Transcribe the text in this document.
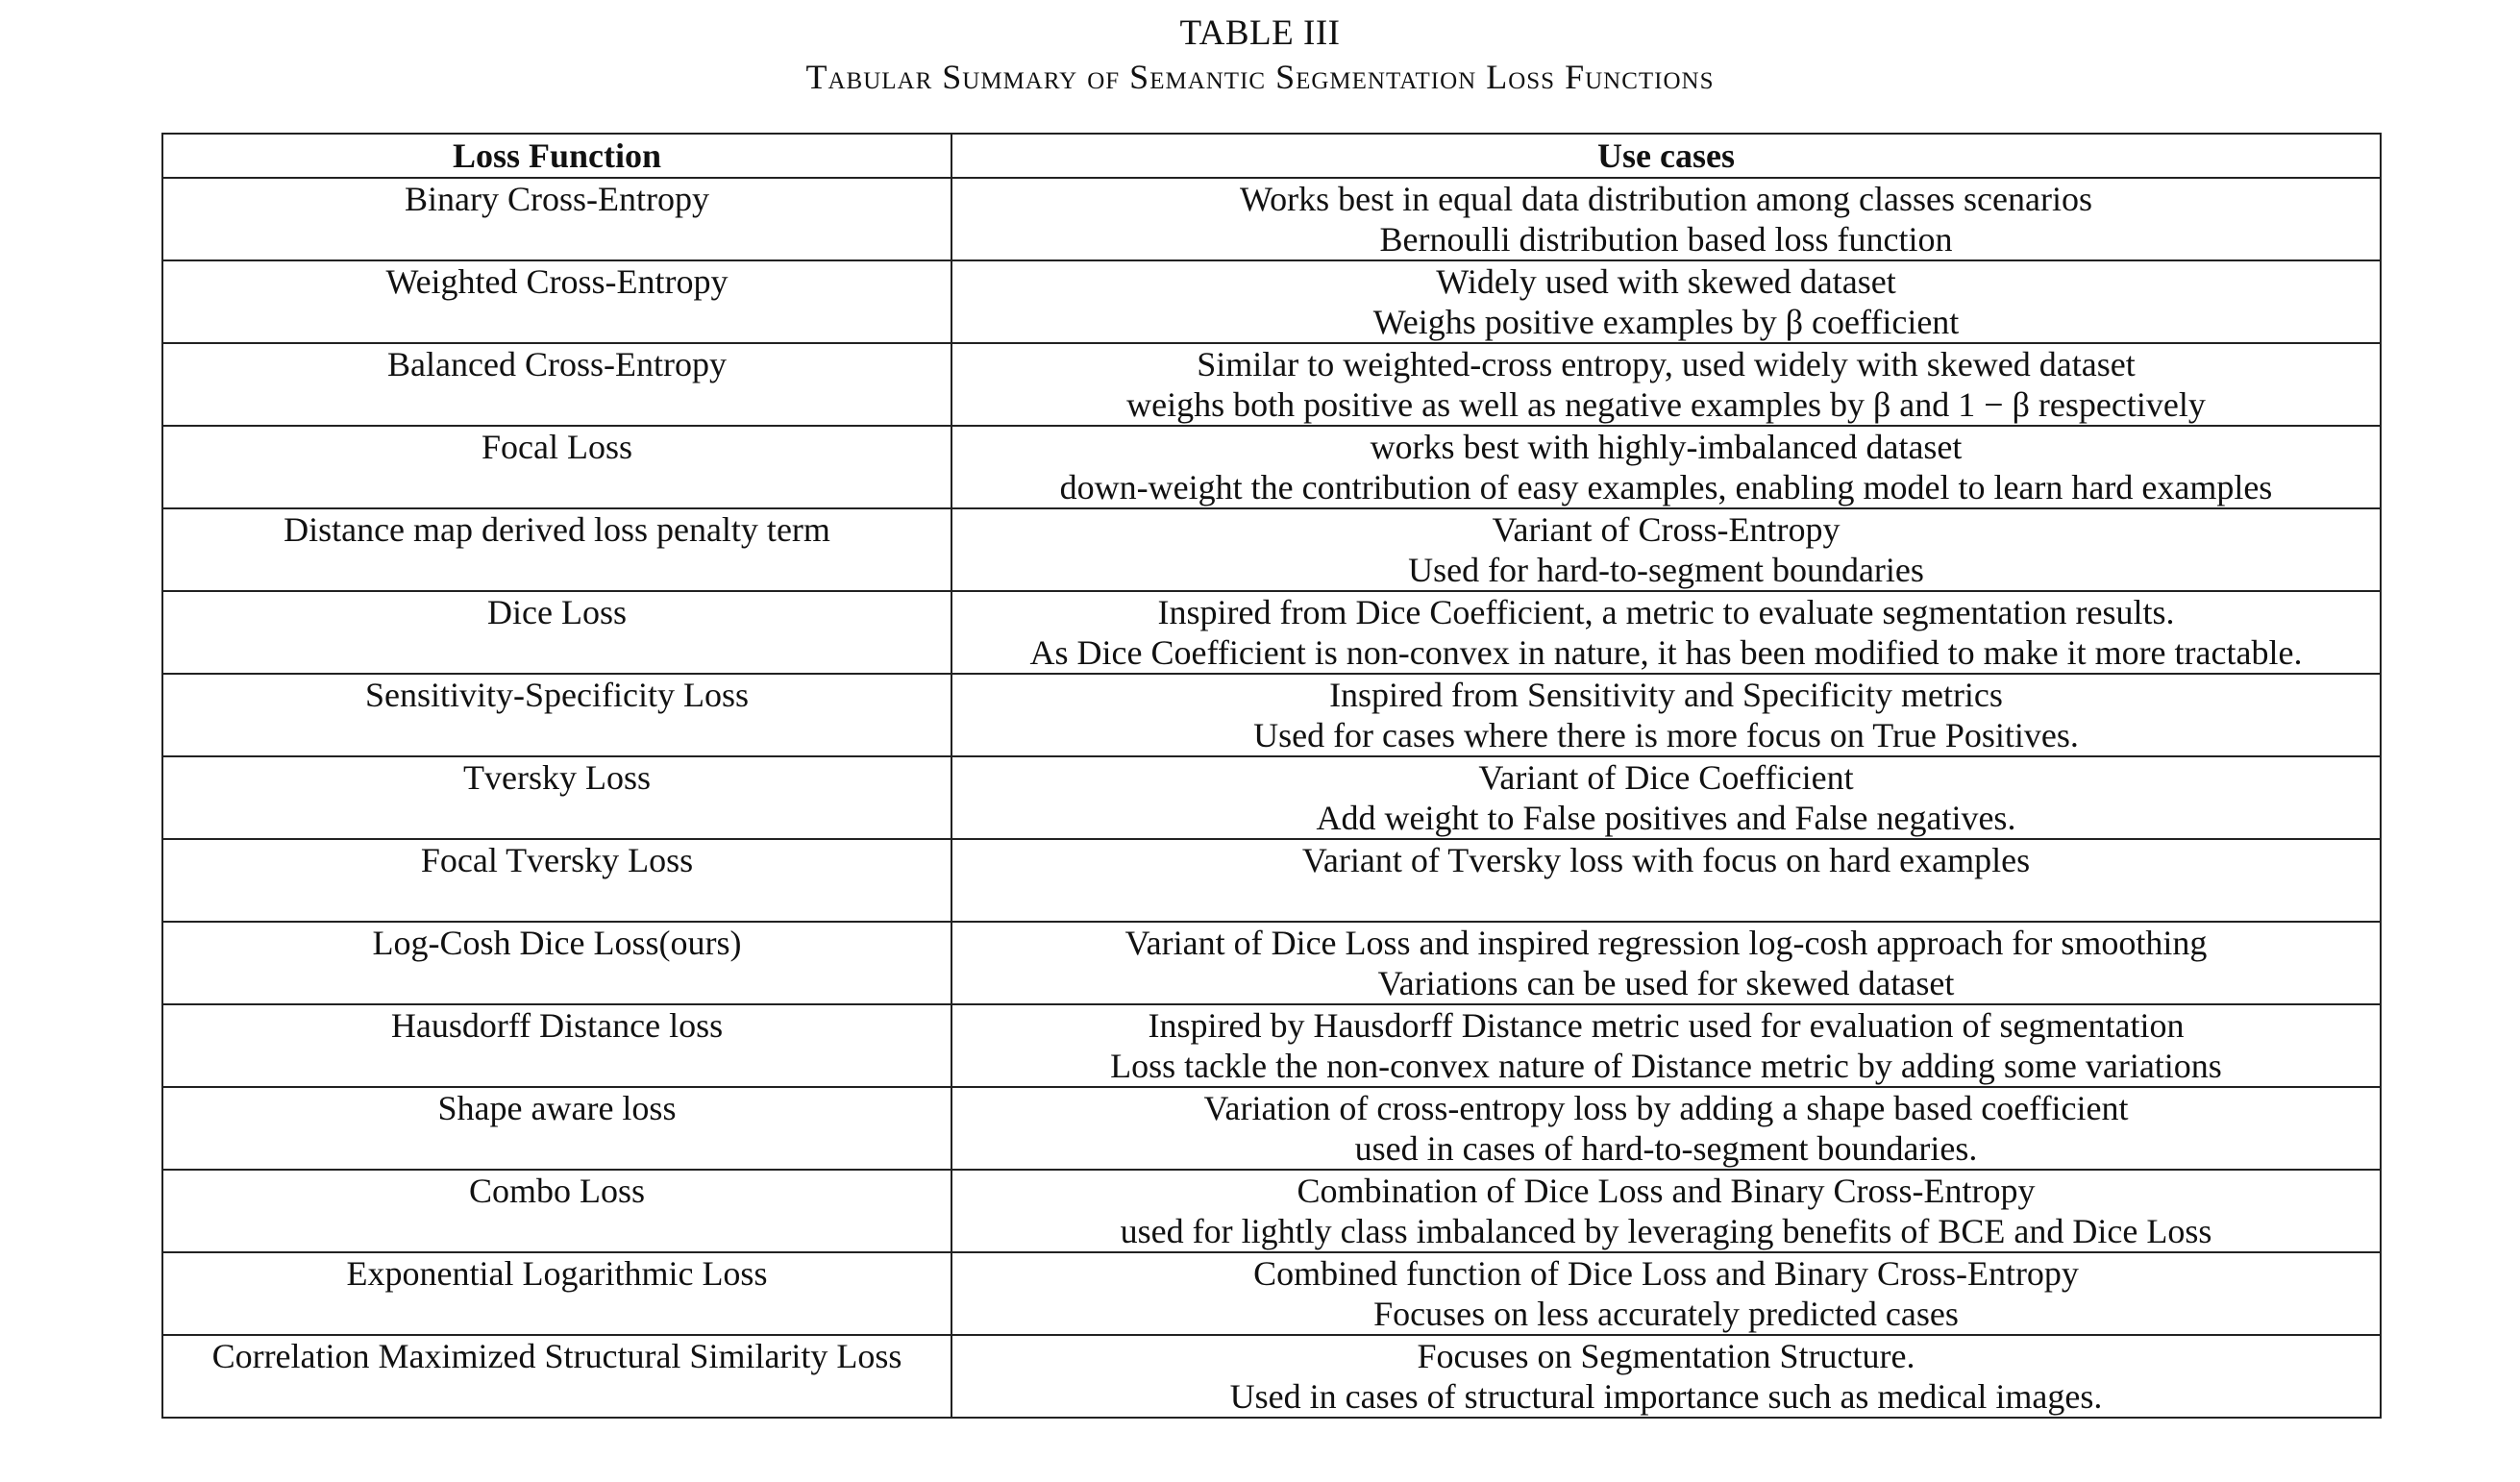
TABLE III
Tabular Summary of Semantic Segmentation Loss Functions
Loss Function	Use cases
Binary Cross-Entropy	Works best in equal data distribution among classes scenarios
Bernoulli distribution based loss function

Weighted Cross-Entropy	Widely used with skewed dataset
Weighs positive examples by β coefficient

Balanced Cross-Entropy	Similar to weighted-cross entropy, used widely with skewed dataset
weighs both positive as well as negative examples by β and 1 − β respectively

Focal Loss	works best with highly-imbalanced dataset
down-weight the contribution of easy examples, enabling model to learn hard examples

Distance map derived loss penalty term	Variant of Cross-Entropy
Used for hard-to-segment boundaries

Dice Loss	Inspired from Dice Coefficient, a metric to evaluate segmentation results.
As Dice Coefficient is non-convex in nature, it has been modified to make it more tractable.

Sensitivity-Specificity Loss	Inspired from Sensitivity and Specificity metrics
Used for cases where there is more focus on True Positives.

Tversky Loss	Variant of Dice Coefficient
Add weight to False positives and False negatives.

Focal Tversky Loss	Variant of Tversky loss with focus on hard examples

Log-Cosh Dice Loss(ours)	Variant of Dice Loss and inspired regression log-cosh approach for smoothing
Variations can be used for skewed dataset

Hausdorff Distance loss	Inspired by Hausdorff Distance metric used for evaluation of segmentation
Loss tackle the non-convex nature of Distance metric by adding some variations

Shape aware loss	Variation of cross-entropy loss by adding a shape based coefficient
used in cases of hard-to-segment boundaries.

Combo Loss	Combination of Dice Loss and Binary Cross-Entropy
used for lightly class imbalanced by leveraging benefits of BCE and Dice Loss

Exponential Logarithmic Loss	Combined function of Dice Loss and Binary Cross-Entropy
Focuses on less accurately predicted cases

Correlation Maximized Structural Similarity Loss	Focuses on Segmentation Structure.
Used in cases of structural importance such as medical images.
